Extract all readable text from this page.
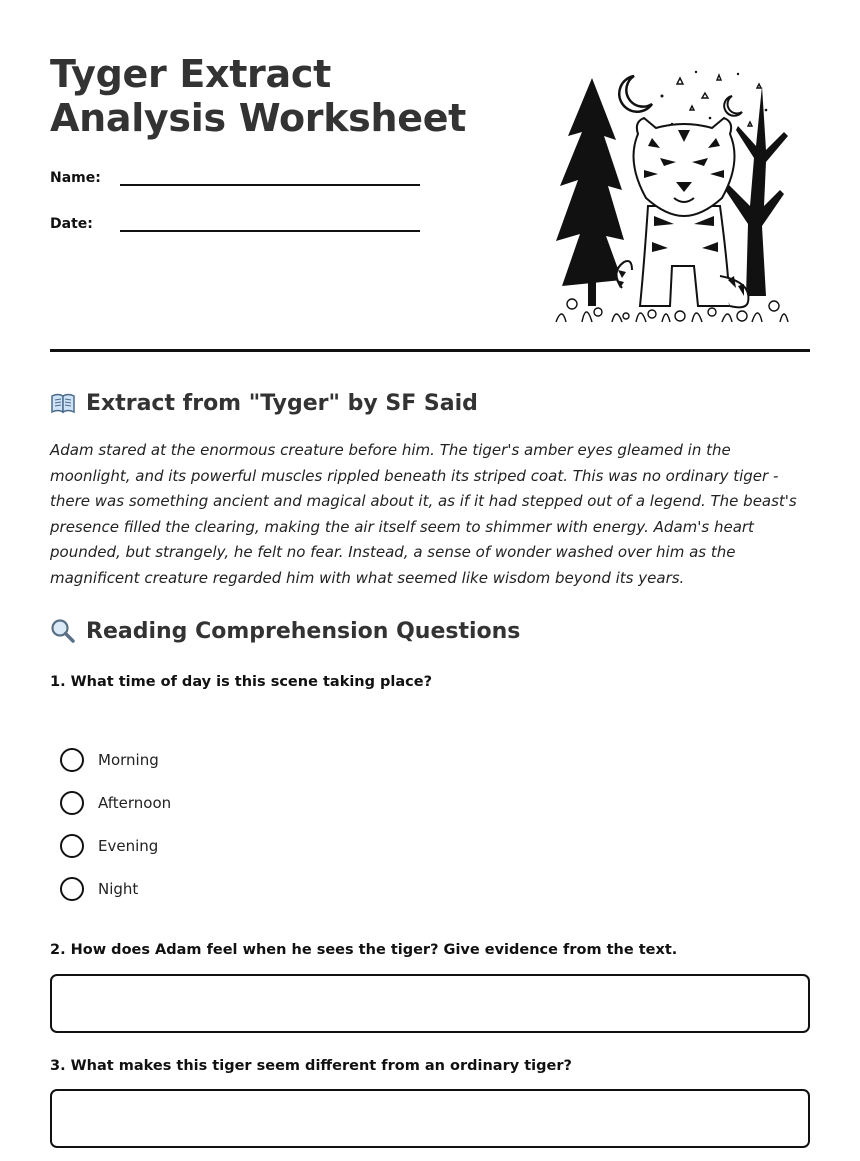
Tyger Extract Analysis Worksheet
Name:
Date:
Extract from "Tyger" by SF Said

Adam stared at the enormous creature before him. The tiger's amber eyes gleamed in the moonlight, and its powerful muscles rippled beneath its striped coat. This was no ordinary tiger - there was something ancient and magical about it, as if it had stepped out of a legend. The beast's presence filled the clearing, making the air itself seem to shimmer with energy. Adam's heart pounded, but strangely, he felt no fear. Instead, a sense of wonder washed over him as the magnificent creature regarded him with what seemed like wisdom beyond its years.

Reading Comprehension Questions

1. What time of day is this scene taking place?

Morning
Afternoon
Evening
Night

2. How does Adam feel when he sees the tiger? Give evidence from the text.

3. What makes this tiger seem different from an ordinary tiger?
